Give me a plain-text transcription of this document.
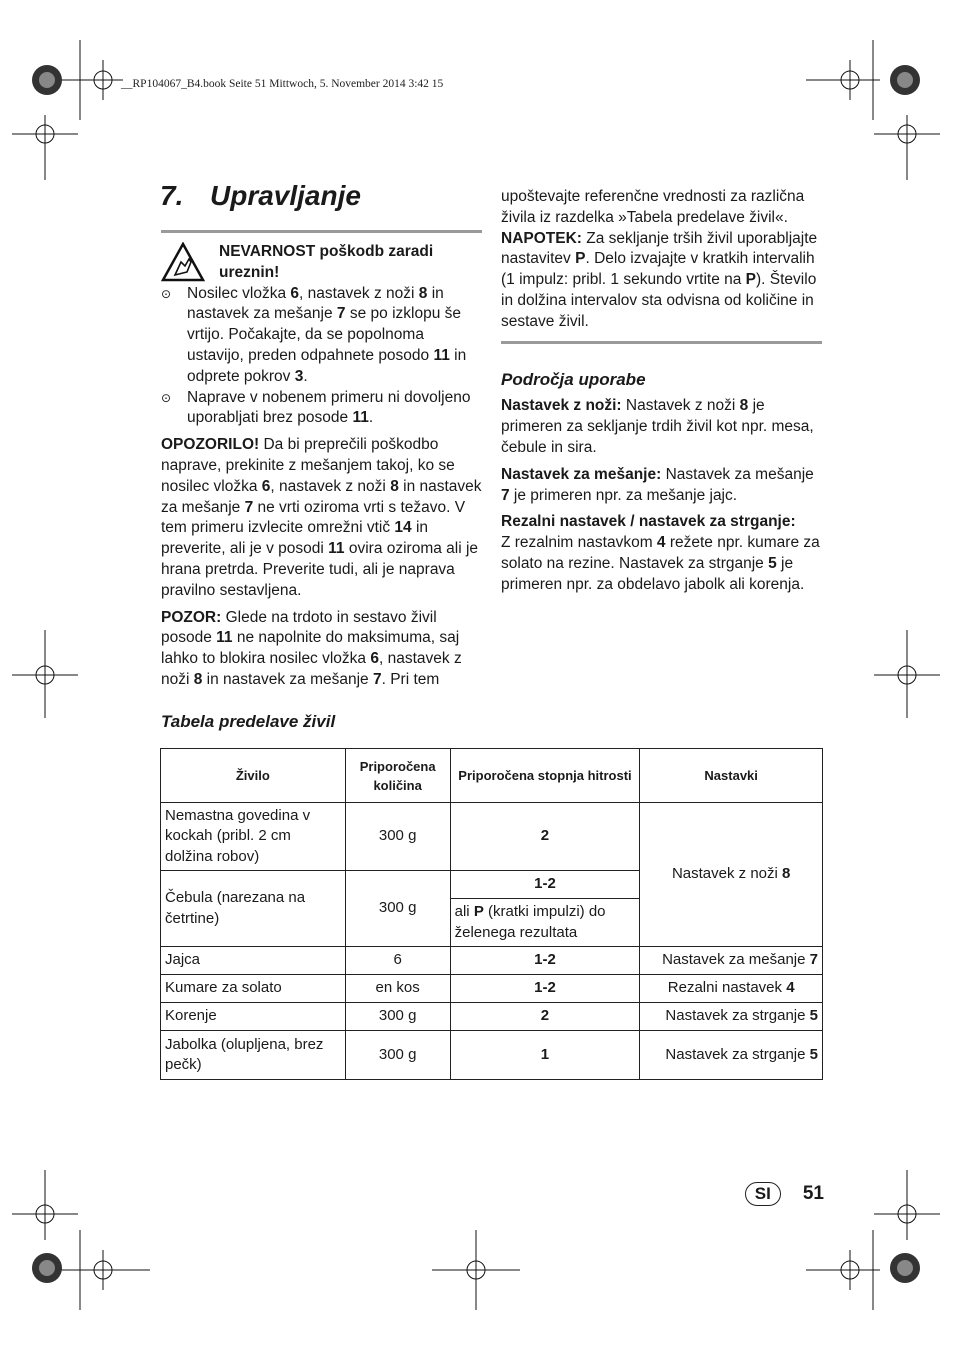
__RP104067_B4.book Seite 51 Mittwoch, 5. November 2014 3:42 15
7. Upravljanje
NEVARNOST poškodb zaradi ureznin!
⊙	Nosilec vložka 6, nastavek z noži 8 in nastavek za mešanje 7 se po izklopu še vrtijo. Počakajte, da se popolnoma ustavijo, preden odpahnete posodo 11 in odprete pokrov 3.
⊙	Naprave v nobenem primeru ni dovoljeno uporabljati brez posode 11.

OPOZORILO! Da bi preprečili poškodbo naprave, prekinite z mešanjem takoj, ko se nosilec vložka 6, nastavek z noži 8 in nastavek za mešanje 7 ne vrti oziroma vrti s težavo. V tem primeru izvlecite omrežni vtič 14 in preverite, ali je v posodi 11 ovira oziroma ali je hrana pretrda. Preverite tudi, ali je naprava pravilno sestavljena.

POZOR: Glede na trdoto in sestavo živil posode 11 ne napolnite do maksimuma, saj lahko to blokira nosilec vložka 6, nastavek z noži 8 in nastavek za mešanje 7. Pri tem

upoštevajte referenčne vrednosti za različna živila iz razdelka »Tabela predelave živil«.

NAPOTEK: Za sekljanje trših živil uporabljajte nastavitev P. Delo izvajajte v kratkih intervalih (1 impulz: pribl. 1 sekundo vrtite na P). Število in dolžina intervalov sta odvisna od količine in sestave živil.

Področja uporabe

Nastavek z noži: Nastavek z noži 8 je primeren za sekljanje trdih živil kot npr. mesa, čebule in sira.

Nastavek za mešanje: Nastavek za mešanje 7 je primeren npr. za mešanje jajc.

Rezalni nastavek / nastavek za strganje:

Z rezalnim nastavkom 4 režete npr. kumare za solato na rezine. Nastavek za strganje 5 je primeren npr. za obdelavo jabolk ali korenja.

Tabela predelave živil
Živilo	Priporočena količina	Priporočena stopnja hitrosti	Nastavki
Nemastna govedina v kockah (pribl. 2 cm dolžina robov)	300 g	2	Nastavek z noži 8
Čebula (narezana na četrtine)	300 g	1-2	
		ali P (kratki impulzi) do želenega rezultata	
Jajca	6	1-2	Nastavek za mešanje 7
Kumare za solato	en kos	1-2	Rezalni nastavek 4
Korenje	300 g	2	Nastavek za strganje 5
Jabolka (olupljena, brez pečk)	300 g	1	Nastavek za strganje 5
SI	51
